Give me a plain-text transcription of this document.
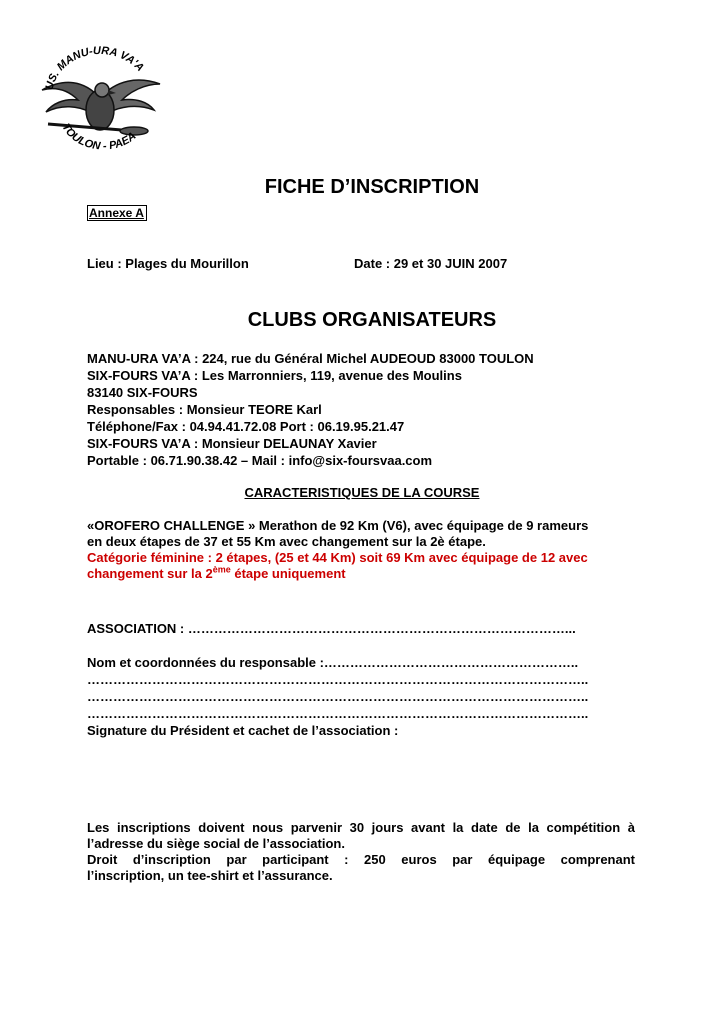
US. MANU-URA VA'A
TOULON - PAEA
FICHE D’INSCRIPTION
Annexe A
Lieu : Plages du Mourillon	Date : 29 et 30 JUIN 2007
CLUBS ORGANISATEURS
MANU-URA VA’A : 224, rue du Général Michel AUDEOUD 83000 TOULON
SIX-FOURS VA’A : Les Marronniers, 119, avenue des Moulins
83140 SIX-FOURS
Responsables : Monsieur TEORE Karl
Téléphone/Fax : 04.94.41.72.08 Port : 06.19.95.21.47
SIX-FOURS VA’A : Monsieur DELAUNAY Xavier
Portable : 06.71.90.38.42 – Mail : info@six-foursvaa.com
CARACTERISTIQUES DE LA COURSE
«OROFERO CHALLENGE » Merathon de 92 Km (V6), avec équipage de 9 rameurs
en deux étapes de 37 et 55 Km avec changement sur la 2è étape.
Catégorie féminine : 2 étapes, (25 et 44 Km) soit 69 Km avec équipage de 12 avec
changement sur la 2ème étape uniquement
ASSOCIATION : ……………………………………………………………………………...
Nom et coordonnées du responsable :…………………………………………………..
……………………………………………………………………………………………………..
……………………………………………………………………………………………………..
……………………………………………………………………………………………………..
Signature du Président et cachet de l’association :
Les inscriptions doivent nous parvenir 30 jours avant la date de la compétition à
l’adresse du siège social de l’association.
Droit d’inscription par participant : 250 euros par équipage comprenant
l’inscription, un tee-shirt et l’assurance.
